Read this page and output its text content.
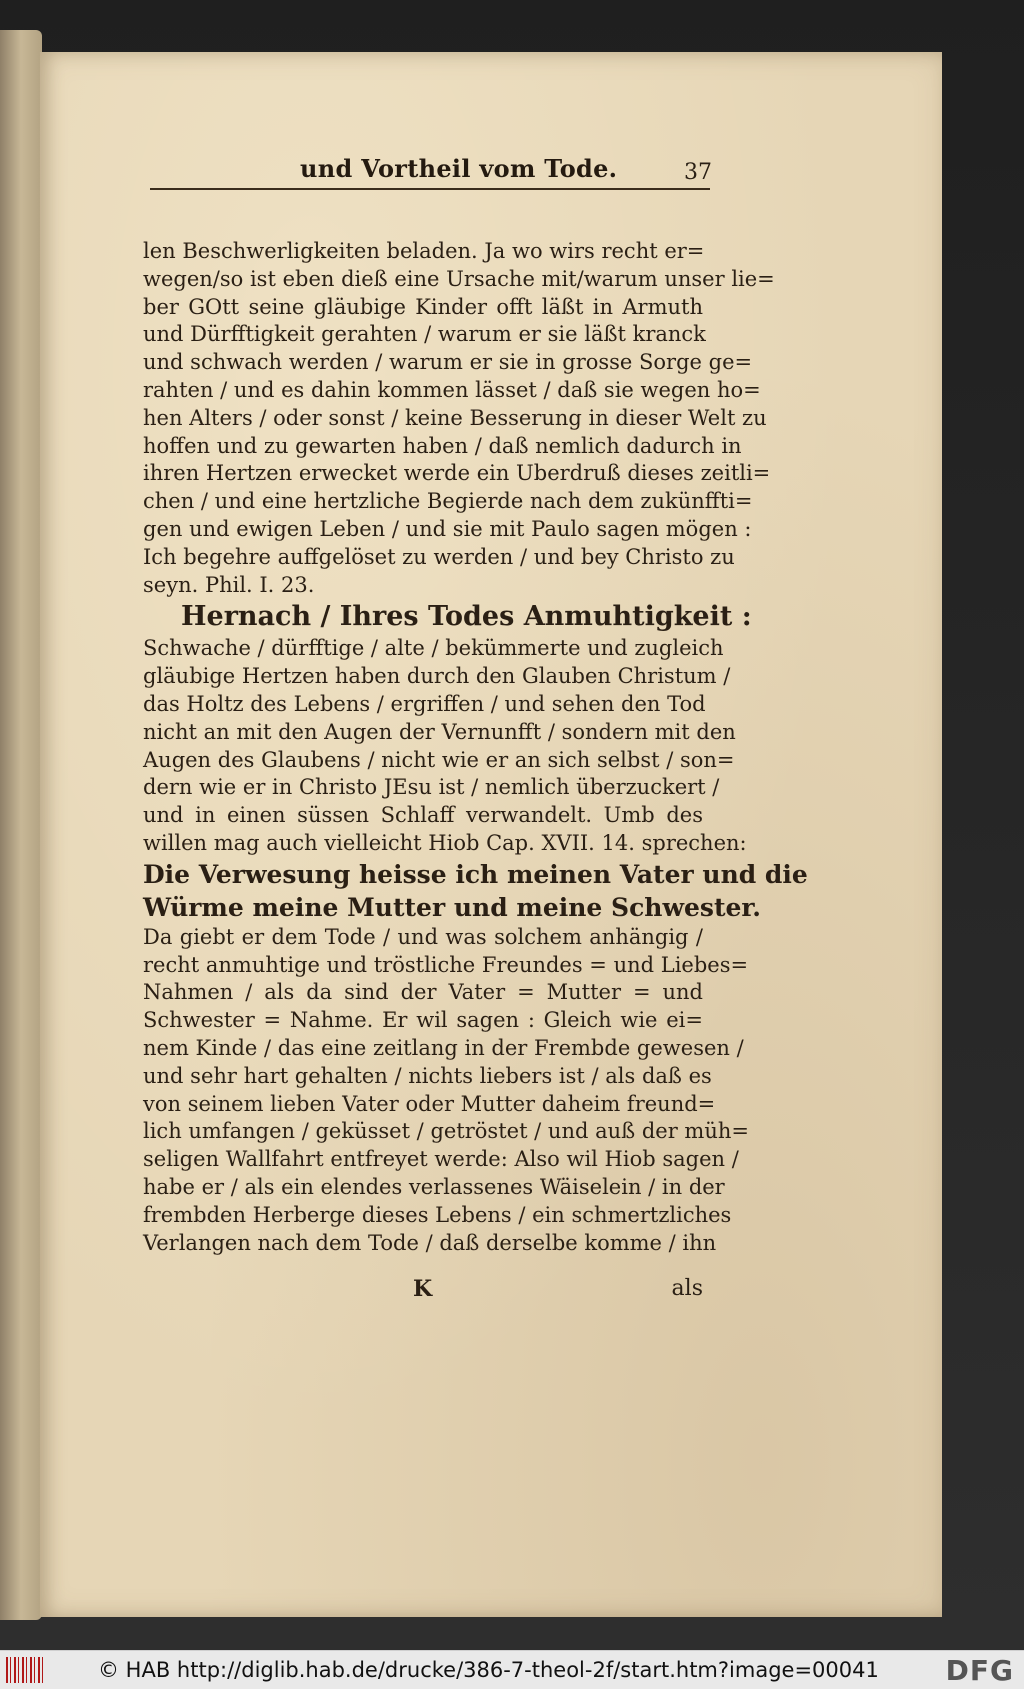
und Vortheil vom Tode.	37
len Beschwerligkeiten beladen. Ja wo wirs recht er=
wegen/so ist eben dieß eine Ursache mit/warum unser lie=
ber GOtt seine gläubige Kinder offt läßt in Armuth
und Dürfftigkeit gerahten / warum er sie läßt kranck
und schwach werden / warum er sie in grosse Sorge ge=
rahten / und es dahin kommen lässet / daß sie wegen ho=
hen Alters / oder sonst / keine Besserung in dieser Welt zu
hoffen und zu gewarten haben / daß nemlich dadurch in
ihren Hertzen erwecket werde ein Uberdruß dieses zeitli=
chen / und eine hertzliche Begierde nach dem zukünffti=
gen und ewigen Leben / und sie mit Paulo sagen mögen :
Ich begehre auffgelöset zu werden / und bey Christo zu
seyn. Phil. I. 23.
Hernach / Ihres Todes Anmuhtigkeit :
Schwache / dürfftige / alte / bekümmerte und zugleich
gläubige Hertzen haben durch den Glauben Christum /
das Holtz des Lebens / ergriffen / und sehen den Tod
nicht an mit den Augen der Vernunfft / sondern mit den
Augen des Glaubens / nicht wie er an sich selbst / son=
dern wie er in Christo JEsu ist / nemlich überzuckert /
und in einen süssen Schlaff verwandelt. Umb des
willen mag auch vielleicht Hiob Cap. XVII. 14. sprechen:
Die Verwesung heisse ich meinen Vater und die
Würme meine Mutter und meine Schwester.
Da giebt er dem Tode / und was solchem anhängig /
recht anmuhtige und tröstliche Freundes = und Liebes=
Nahmen / als da sind der Vater = Mutter = und
Schwester = Nahme. Er wil sagen : Gleich wie ei=
nem Kinde / das eine zeitlang in der Frembde gewesen /
und sehr hart gehalten / nichts liebers ist / als daß es
von seinem lieben Vater oder Mutter daheim freund=
lich umfangen / geküsset / getröstet / und auß der müh=
seligen Wallfahrt entfreyet werde: Also wil Hiob sagen /
habe er / als ein elendes verlassenes Wäiselein / in der
frembden Herberge dieses Lebens / ein schmertzliches
Verlangen nach dem Tode / daß derselbe komme / ihn
K	als
© HAB http://diglib.hab.de/drucke/386-7-theol-2f/start.htm?image=00041 DFG
